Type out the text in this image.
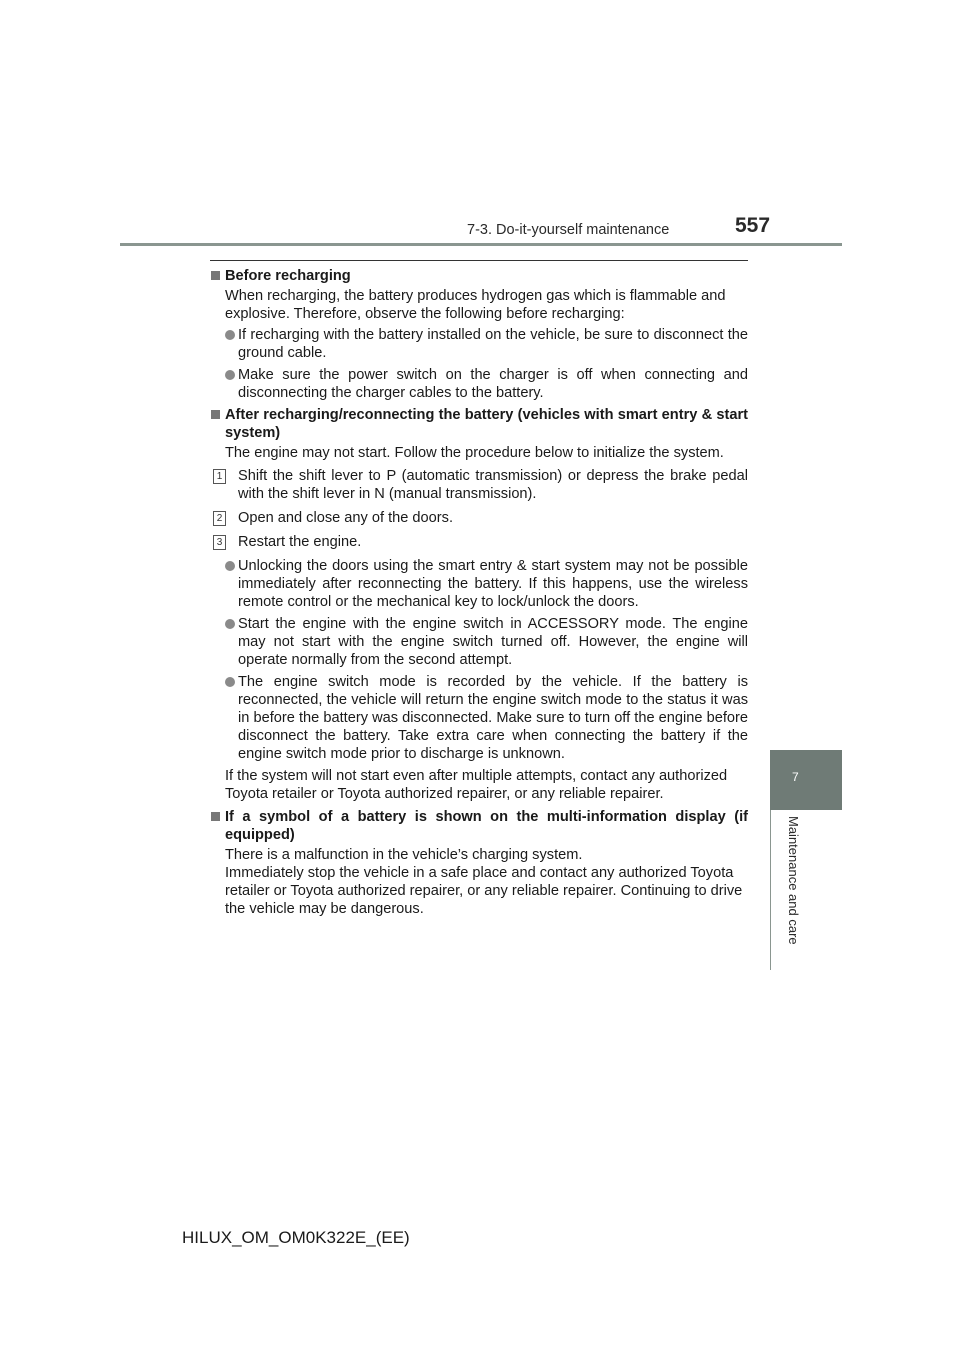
7-3. Do-it-yourself maintenance	557
7
Maintenance and care
Before recharging
When recharging, the battery produces hydrogen gas which is flammable and explosive. Therefore, observe the following before recharging:
If recharging with the battery installed on the vehicle, be sure to disconnect the ground cable.
Make sure the power switch on the charger is off when connecting and disconnecting the charger cables to the battery.
After recharging/reconnecting the battery (vehicles with smart entry & start system)
The engine may not start. Follow the procedure below to initialize the system.
1 Shift the shift lever to P (automatic transmission) or depress the brake pedal with the shift lever in N (manual transmission).
2 Open and close any of the doors.
3 Restart the engine.
Unlocking the doors using the smart entry & start system may not be possible immediately after reconnecting the battery. If this happens, use the wireless remote control or the mechanical key to lock/unlock the doors.
Start the engine with the engine switch in ACCESSORY mode. The engine may not start with the engine switch turned off. However, the engine will operate normally from the second attempt.
The engine switch mode is recorded by the vehicle. If the battery is reconnected, the vehicle will return the engine switch mode to the status it was in before the battery was disconnected. Make sure to turn off the engine before disconnect the battery. Take extra care when connecting the battery if the engine switch mode prior to discharge is unknown.
If the system will not start even after multiple attempts, contact any authorized Toyota retailer or Toyota authorized repairer, or any reliable repairer.
If a symbol of a battery is shown on the multi-information display (if equipped)
There is a malfunction in the vehicle’s charging system.
Immediately stop the vehicle in a safe place and contact any authorized Toyota retailer or Toyota authorized repairer, or any reliable repairer. Continuing to drive the vehicle may be dangerous.
HILUX_OM_OM0K322E_(EE)
